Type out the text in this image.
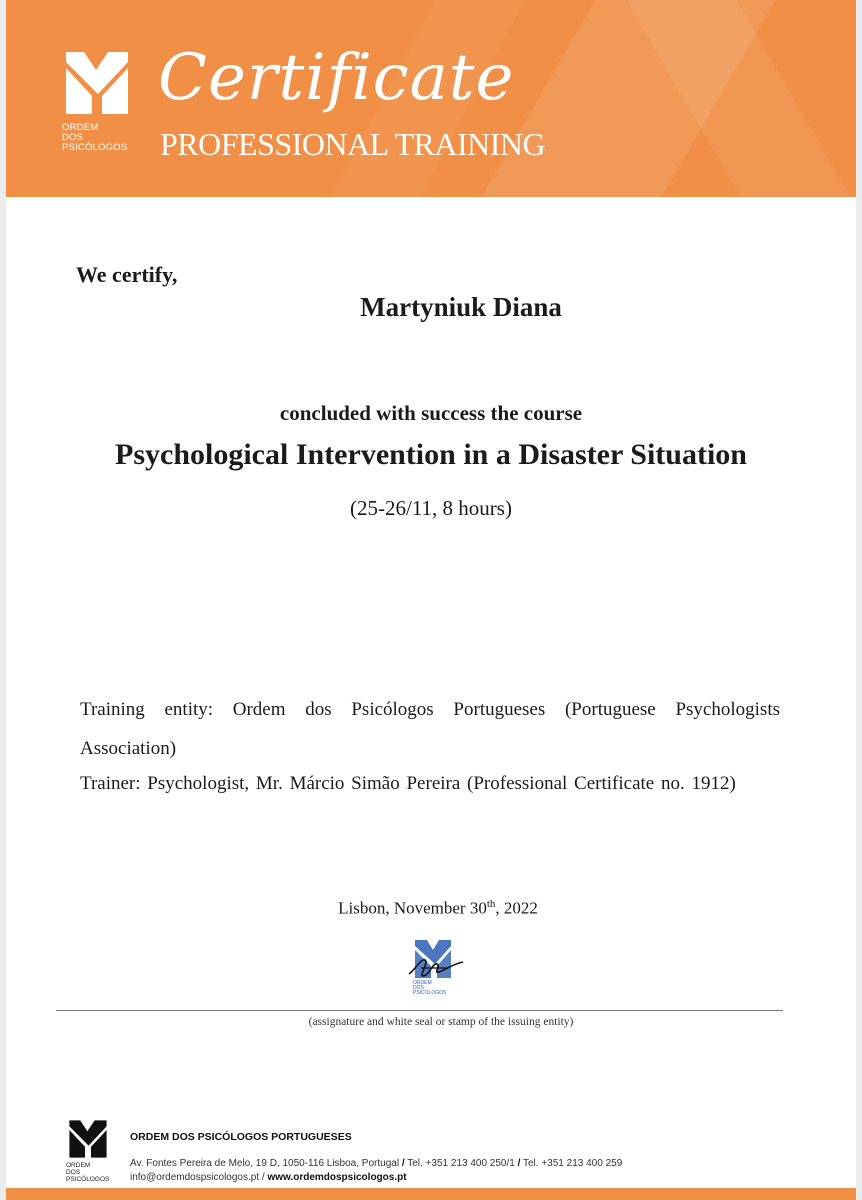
ORDEM
DOS
PSICÓLOGOS
Certificate
PROFESSIONAL TRAINING
We certify,
Martyniuk Diana
concluded with success the course
Psychological Intervention in a Disaster Situation
(25-26/11, 8 hours)
Training entity: Ordem dos Psicólogos Portugueses (Portuguese Psychologists Association)
Trainer: Psychologist, Mr. Márcio Simão Pereira (Professional Certificate no. 1912)
Lisbon, November 30th, 2022
ORDEM
DOS
PSICÓLOGOS
(assignature and white seal or stamp of the issuing entity)
ORDEM
DOS
PSICÓLOGOS
ORDEM DOS PSICÓLOGOS PORTUGUESES
Av. Fontes Pereira de Melo, 19 D, 1050-116 Lisboa, Portugal / Tel. +351 213 400 250/1 / Tel. +351 213 400 259
info@ordemdospsicologos.pt / www.ordemdospsicologos.pt
